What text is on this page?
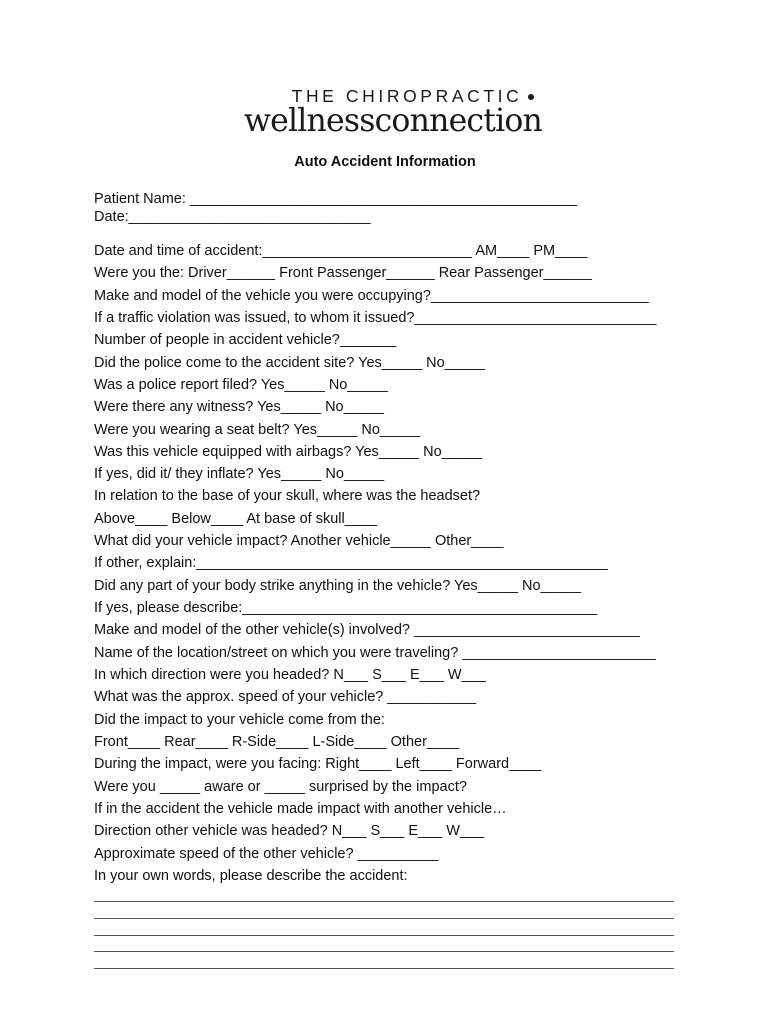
THE CHIROPRACTIC
wellnessconnection
Auto Accident Information

Patient Name: ________________________________________________

Date:______________________________

Date and time of accident:__________________________ AM____ PM____

Were you the: Driver______ Front Passenger______ Rear Passenger______

Make and model of the vehicle you were occupying?___________________________

If a traffic violation was issued, to whom it issued?______________________________

Number of people in accident vehicle?_______

Did the police come to the accident site? Yes_____ No_____

Was a police report filed? Yes_____ No_____

Were there any witness? Yes_____ No_____

Were you wearing a seat belt? Yes_____ No_____

Was this vehicle equipped with airbags? Yes_____ No_____

If yes, did it/ they inflate? Yes_____ No_____

In relation to the base of your skull, where was the headset?

Above____ Below____ At base of skull____

What did your vehicle impact? Another vehicle_____ Other____

If other, explain:___________________________________________________

Did any part of your body strike anything in the vehicle? Yes_____ No_____

If yes, please describe:____________________________________________

Make and model of the other vehicle(s) involved? ____________________________

Name of the location/street on which you were traveling? ________________________

In which direction were you headed? N___ S___ E___ W___

What was the approx. speed of your vehicle? ___________

Did the impact to your vehicle come from the:

Front____ Rear____ R-Side____ L-Side____ Other____

During the impact, were you facing: Right____ Left____ Forward____

Were you _____ aware or _____ surprised by the impact?

If in the accident the vehicle made impact with another vehicle…

Direction other vehicle was headed? N___ S___ E___ W___

Approximate speed of the other vehicle? __________

In your own words, please describe the accident:
